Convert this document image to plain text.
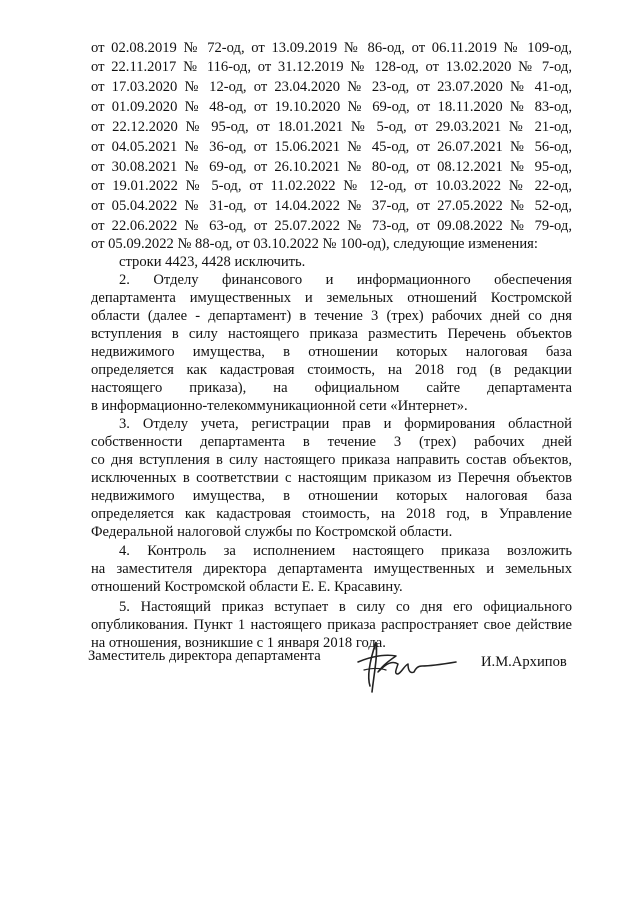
от 02.08.2019 № 72-од, от 13.09.2019 № 86-од, от 06.11.2019 № 109-од,
от 22.11.2017 № 116-од, от 31.12.2019 № 128-од, от 13.02.2020 № 7-од,
от 17.03.2020 № 12-од, от 23.04.2020 № 23-од, от 23.07.2020 № 41-од,
от 01.09.2020 № 48-од, от 19.10.2020 № 69-од, от 18.11.2020 № 83-од,
от 22.12.2020 № 95-од, от 18.01.2021 № 5-од, от 29.03.2021 № 21-од,
от 04.05.2021 № 36-од, от 15.06.2021 № 45-од, от 26.07.2021 № 56-од,
от 30.08.2021 № 69-од, от 26.10.2021 № 80-од, от 08.12.2021 № 95-од,
от 19.01.2022 № 5-од, от 11.02.2022 № 12-од, от 10.03.2022 № 22-од,
от 05.04.2022 № 31-од, от 14.04.2022 № 37-од, от 27.05.2022 № 52-од,
от 22.06.2022 № 63-од, от 25.07.2022 № 73-од, от 09.08.2022 № 79-од,
от 05.09.2022 № 88-од, от 03.10.2022 № 100-од), следующие изменения:
строки 4423, 4428 исключить.
2. Отделу финансового и информационного обеспечения
департамента имущественных и земельных отношений Костромской
области (далее - департамент) в течение 3 (трех) рабочих дней со дня
вступления в силу настоящего приказа разместить Перечень объектов
недвижимого имущества, в отношении которых налоговая база
определяется как кадастровая стоимость, на 2018 год (в редакции
настоящего приказа), на официальном сайте департамента
в информационно-телекоммуникационной сети «Интернет».
3. Отделу учета, регистрации прав и формирования областной
собственности департамента в течение 3 (трех) рабочих дней
со дня вступления в силу настоящего приказа направить состав объектов,
исключенных в соответствии с настоящим приказом из Перечня объектов
недвижимого имущества, в отношении которых налоговая база
определяется как кадастровая стоимость, на 2018 год, в Управление
Федеральной налоговой службы по Костромской области.
4. Контроль за исполнением настоящего приказа возложить
на заместителя директора департамента имущественных и земельных
отношений Костромской области Е. Е. Красавину.
5. Настоящий приказ вступает в силу со дня его официального
опубликования. Пункт 1 настоящего приказа распространяет свое действие
на отношения, возникшие с 1 января 2018 года.
Заместитель директора департамента	И.М.Архипов
